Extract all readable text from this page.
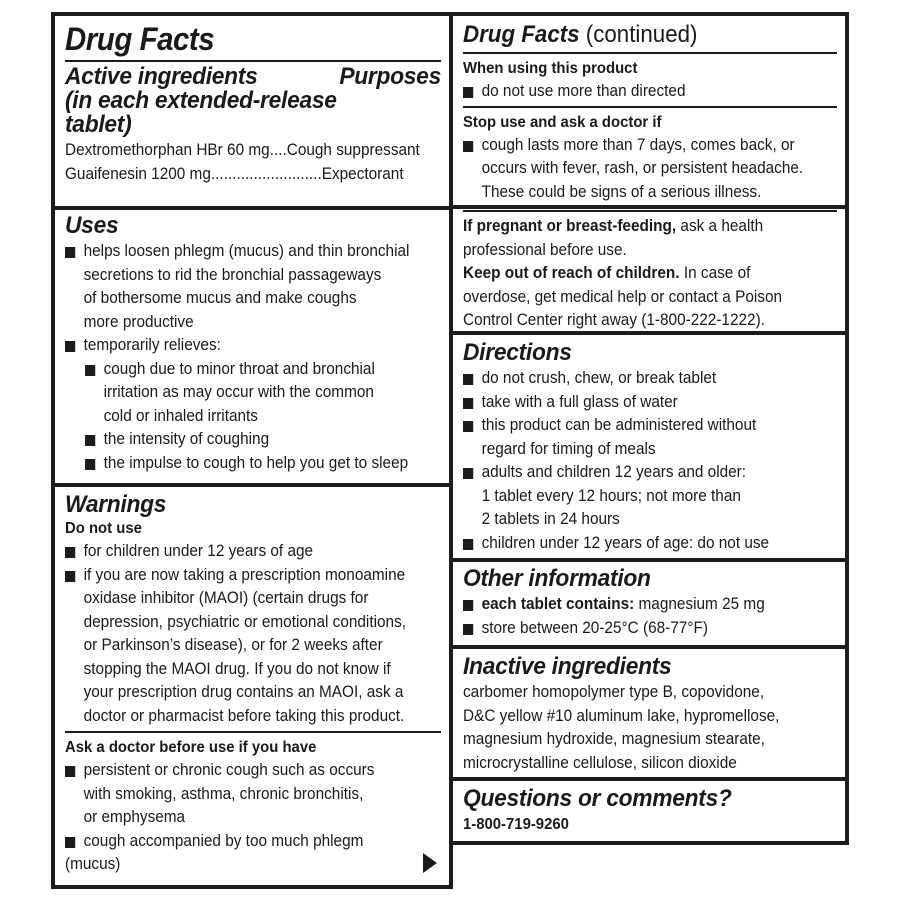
Drug Facts
Active ingredients	Purposes
(in each extended-release
tablet)
Dextromethorphan HBr 60 mg....Cough suppressant
Guaifenesin 1200 mg..........................Expectorant
Uses
helps loosen phlegm (mucus) and thin bronchial
secretions to rid the bronchial passageways
of bothersome mucus and make coughs
more productive
temporarily relieves:
cough due to minor throat and bronchial
irritation as may occur with the common
cold or inhaled irritants
the intensity of coughing
the impulse to cough to help you get to sleep
Warnings
Do not use
for children under 12 years of age
if you are now taking a prescription monoamine
oxidase inhibitor (MAOI) (certain drugs for
depression, psychiatric or emotional conditions,
or Parkinson’s disease), or for 2 weeks after
stopping the MAOI drug. If you do not know if
your prescription drug contains an MAOI, ask a
doctor or pharmacist before taking this product.
Ask a doctor before use if you have
persistent or chronic cough such as occurs
with smoking, asthma, chronic bronchitis,
or emphysema
cough accompanied by too much phlegm
(mucus)
Drug Facts (continued)
When using this product
do not use more than directed
Stop use and ask a doctor if
cough lasts more than 7 days, comes back, or
occurs with fever, rash, or persistent headache.
These could be signs of a serious illness.
If pregnant or breast-feeding, ask a health
professional before use.
Keep out of reach of children. In case of
overdose, get medical help or contact a Poison
Control Center right away (1-800-222-1222).
Directions
do not crush, chew, or break tablet
take with a full glass of water
this product can be administered without
regard for timing of meals
adults and children 12 years and older:
1 tablet every 12 hours; not more than
2 tablets in 24 hours
children under 12 years of age: do not use
Other information
each tablet contains: magnesium 25 mg
store between 20-25°C (68-77°F)
Inactive ingredients
carbomer homopolymer type B, copovidone,
D&C yellow #10 aluminum lake, hypromellose,
magnesium hydroxide, magnesium stearate,
microcrystalline cellulose, silicon dioxide
Questions or comments?
1-800-719-9260
